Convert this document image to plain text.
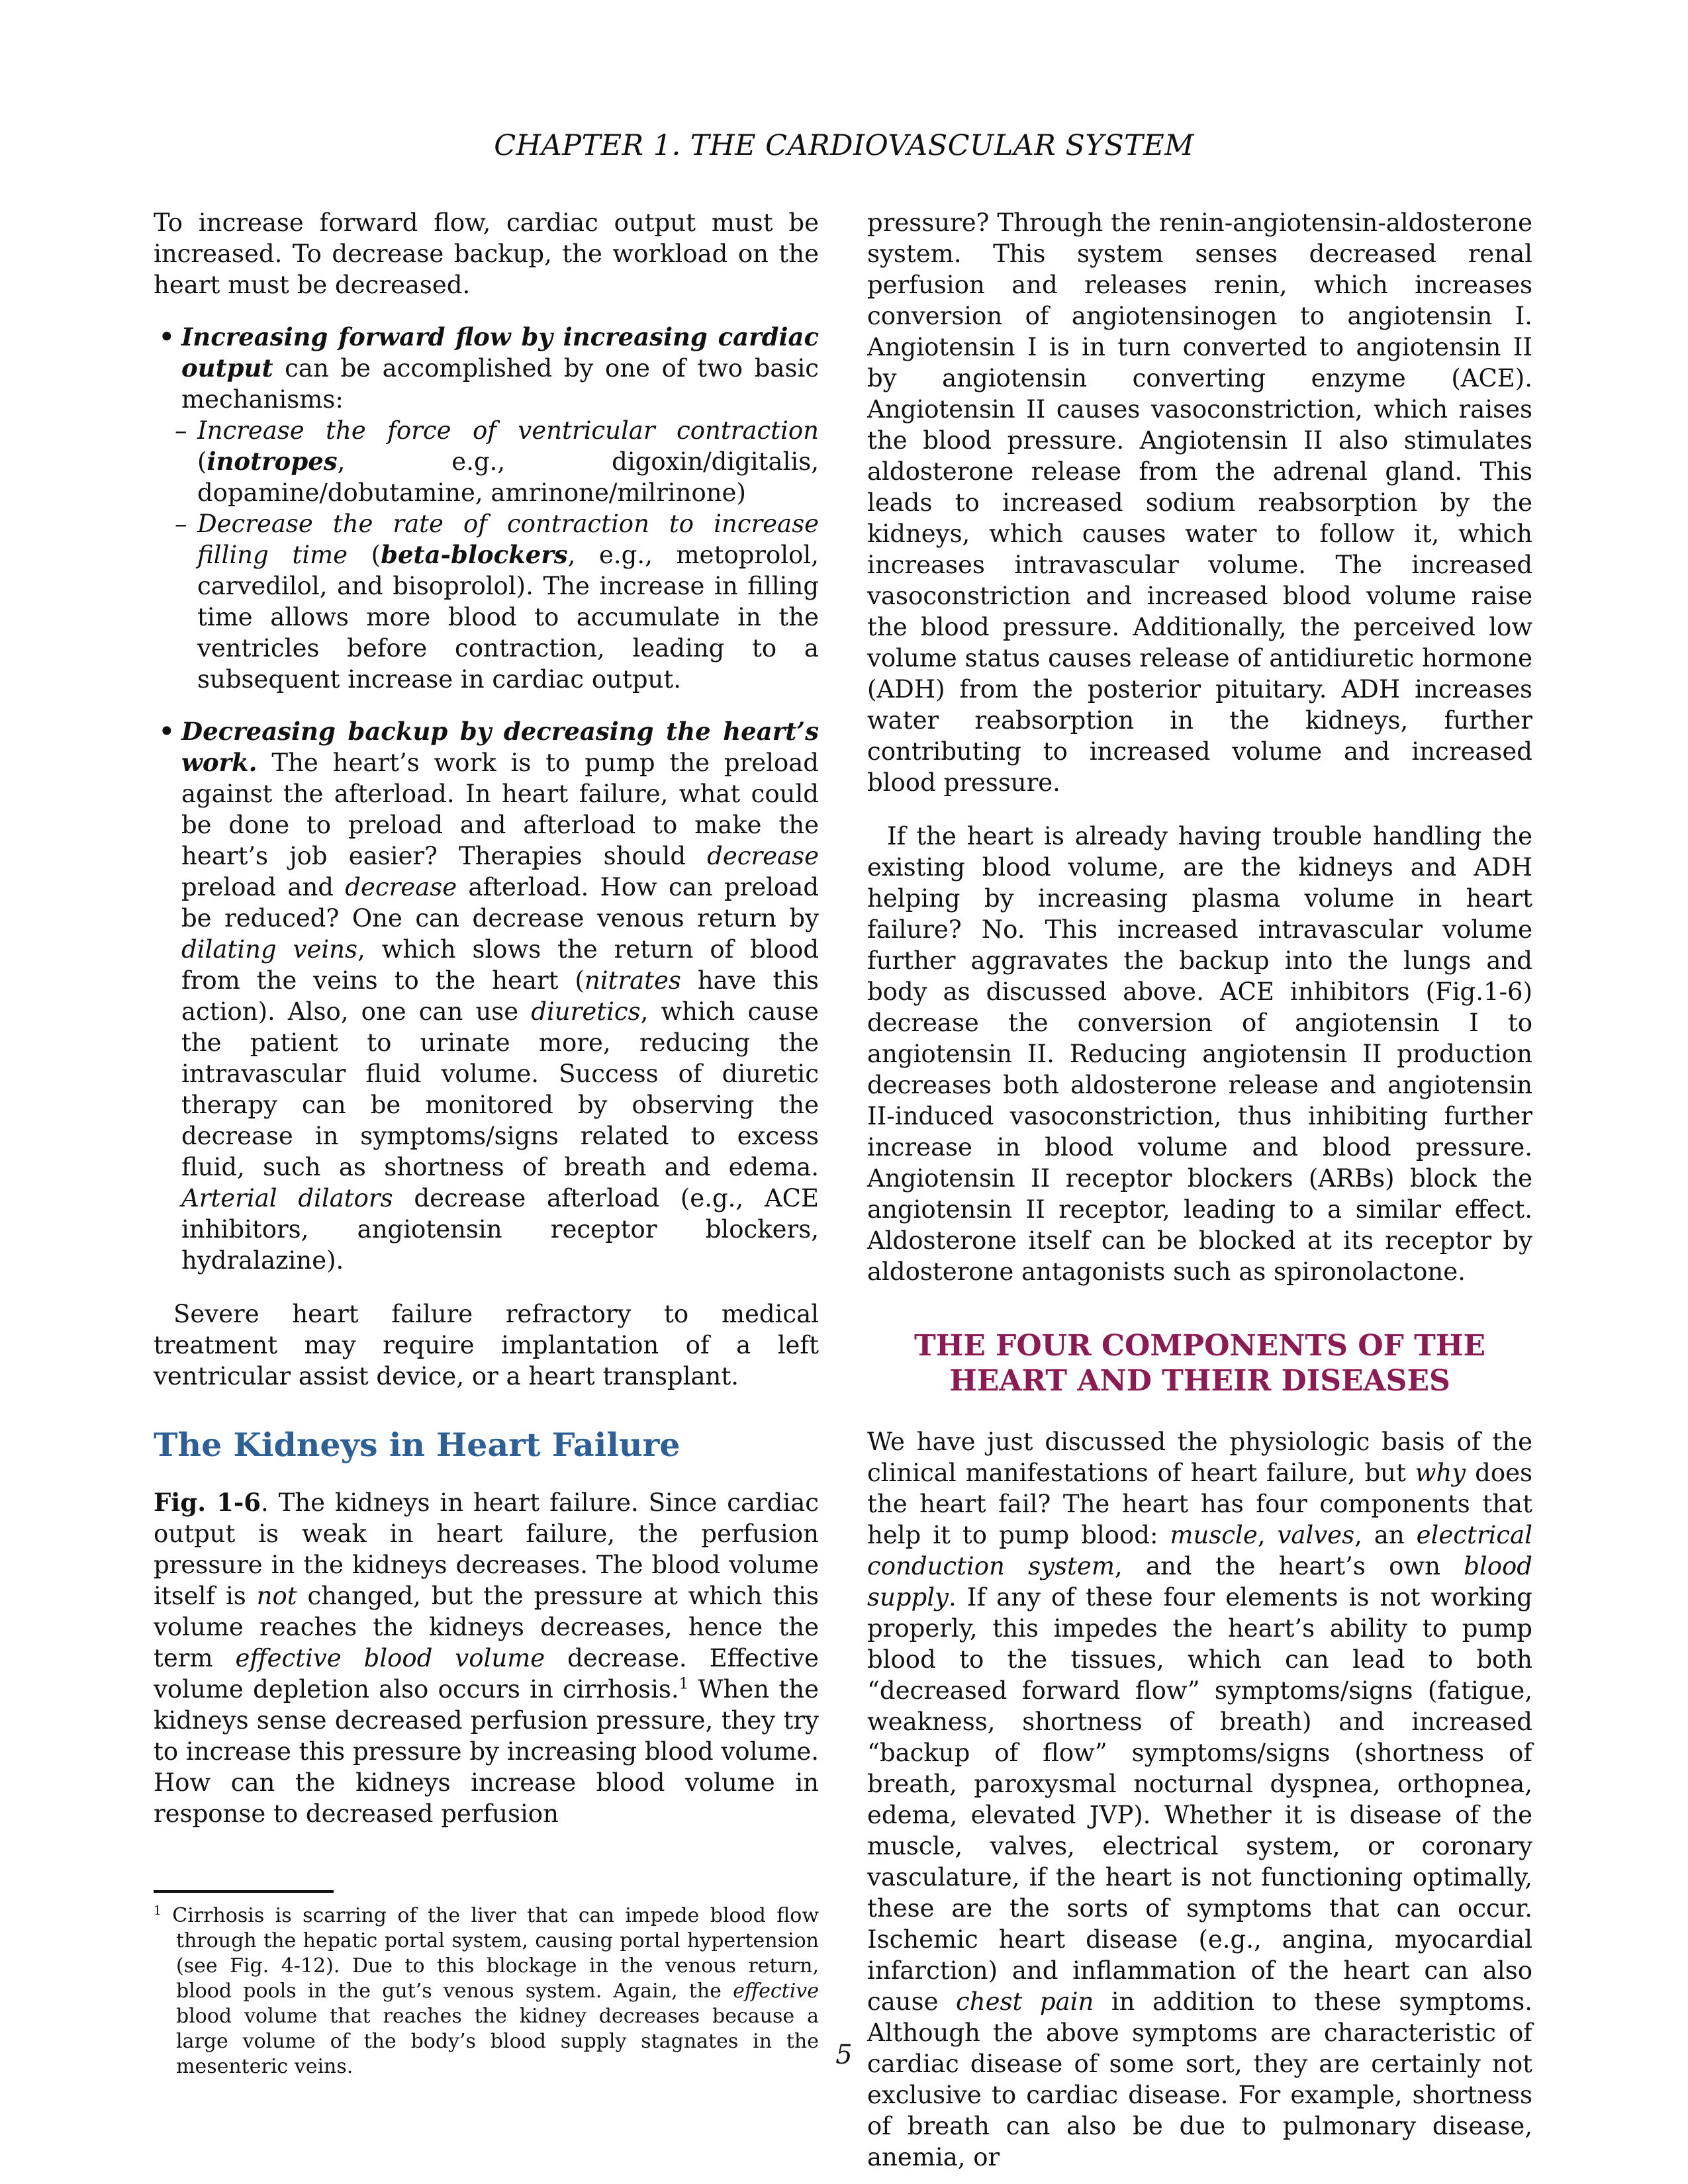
CHAPTER 1. THE CARDIOVASCULAR SYSTEM

To increase forward flow, cardiac output must be increased. To decrease backup, the workload on the heart must be decreased.

• Increasing forward flow by increasing cardiac output can be accomplished by one of two basic mechanisms:
– Increase the force of ventricular contraction (inotropes, e.g., digoxin/digitalis, dopamine/dobutamine, amrinone/milrinone)
– Decrease the rate of contraction to increase filling time (beta-blockers, e.g., metoprolol, carvedilol, and bisoprolol). The increase in filling time allows more blood to accumulate in the ventricles before contraction, leading to a subsequent increase in cardiac output.
• Decreasing backup by decreasing the heart’s work. The heart’s work is to pump the preload against the afterload. In heart failure, what could be done to preload and afterload to make the heart’s job easier? Therapies should decrease preload and decrease afterload. How can preload be reduced? One can decrease venous return by dilating veins, which slows the return of blood from the veins to the heart (nitrates have this action). Also, one can use diuretics, which cause the patient to urinate more, reducing the intravascular fluid volume. Success of diuretic therapy can be monitored by observing the decrease in symptoms/signs related to excess fluid, such as shortness of breath and edema. Arterial dilators decrease afterload (e.g., ACE inhibitors, angiotensin receptor blockers, hydralazine).

Severe heart failure refractory to medical treatment may require implantation of a left ventricular assist device, or a heart transplant.

The Kidneys in Heart Failure

Fig. 1-6. The kidneys in heart failure. Since cardiac output is weak in heart failure, the perfusion pressure in the kidneys decreases. The blood volume itself is not changed, but the pressure at which this volume reaches the kidneys decreases, hence the term effective blood volume decrease. Effective volume depletion also occurs in cirrhosis.$^1$ When the kidneys sense decreased perfusion pressure, they try to increase this pressure by increasing blood volume. How can the kidneys increase blood volume in response to decreased perfusion

$^1$ Cirrhosis is scarring of the liver that can impede blood flow through the hepatic portal system, causing portal hypertension (see Fig. 4-12). Due to this blockage in the venous return, blood pools in the gut’s venous system. Again, the effective blood volume that reaches the kidney decreases because a large volume of the body’s blood supply stagnates in the mesenteric veins.

pressure? Through the renin-angiotensin-aldosterone system. This system senses decreased renal perfusion and releases renin, which increases conversion of angiotensinogen to angiotensin I. Angiotensin I is in turn converted to angiotensin II by angiotensin converting enzyme (ACE). Angiotensin II causes vasoconstriction, which raises the blood pressure. Angiotensin II also stimulates aldosterone release from the adrenal gland. This leads to increased sodium reabsorption by the kidneys, which causes water to follow it, which increases intravascular volume. The increased vasoconstriction and increased blood volume raise the blood pressure. Additionally, the perceived low volume status causes release of antidiuretic hormone (ADH) from the posterior pituitary. ADH increases water reabsorption in the kidneys, further contributing to increased volume and increased blood pressure.

If the heart is already having trouble handling the existing blood volume, are the kidneys and ADH helping by increasing plasma volume in heart failure? No. This increased intravascular volume further aggravates the backup into the lungs and body as discussed above. ACE inhibitors (Fig.1-6) decrease the conversion of angiotensin I to angiotensin II. Reducing angiotensin II production decreases both aldosterone release and angiotensin II-induced vasoconstriction, thus inhibiting further increase in blood volume and blood pressure. Angiotensin II receptor blockers (ARBs) block the angiotensin II receptor, leading to a similar effect. Aldosterone itself can be blocked at its receptor by aldosterone antagonists such as spironolactone.

THE FOUR COMPONENTS OF THE HEART AND THEIR DISEASES

We have just discussed the physiologic basis of the clinical manifestations of heart failure, but why does the heart fail? The heart has four components that help it to pump blood: muscle, valves, an electrical conduction system, and the heart’s own blood supply. If any of these four elements is not working properly, this impedes the heart’s ability to pump blood to the tissues, which can lead to both “decreased forward flow” symptoms/signs (fatigue, weakness, shortness of breath) and increased “backup of flow” symptoms/signs (shortness of breath, paroxysmal nocturnal dyspnea, orthopnea, edema, elevated JVP). Whether it is disease of the muscle, valves, electrical system, or coronary vasculature, if the heart is not functioning optimally, these are the sorts of symptoms that can occur. Ischemic heart disease (e.g., angina, myocardial infarction) and inflammation of the heart can also cause chest pain in addition to these symptoms. Although the above symptoms are characteristic of cardiac disease of some sort, they are certainly not exclusive to cardiac disease. For example, shortness of breath can also be due to pulmonary disease, anemia, or

5
